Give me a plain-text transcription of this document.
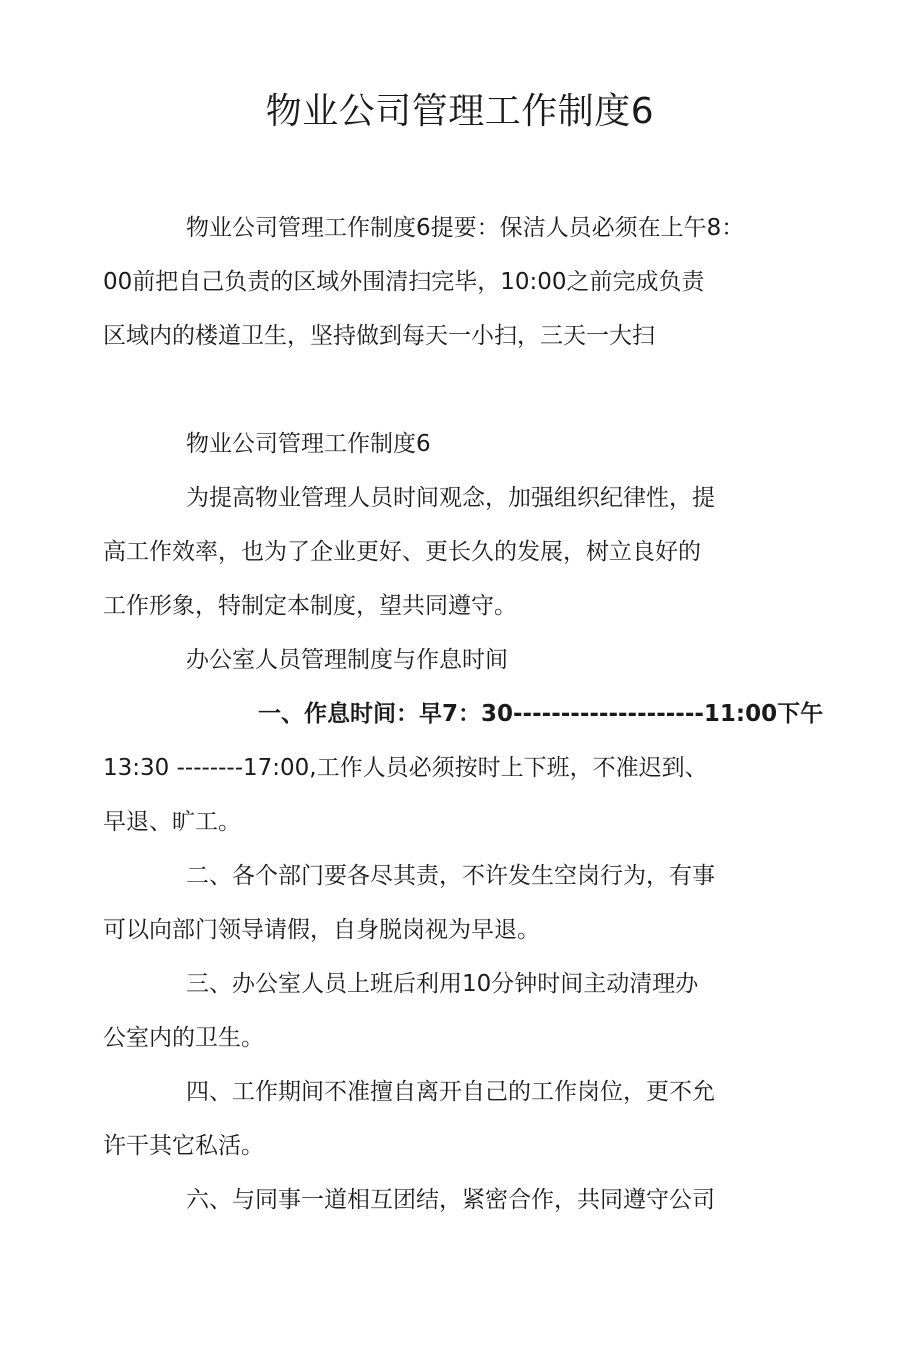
物业公司管理工作制度6

物业公司管理工作制度6提要：保洁人员必须在上午8：

00前把自己负责的区域外围清扫完毕，10:00之前完成负责

区域内的楼道卫生，坚持做到每天一小扫，三天一大扫

物业公司管理工作制度6

为提高物业管理人员时间观念，加强组织纪律性，提

高工作效率，也为了企业更好、更长久的发展，树立良好的

工作形象，特制定本制度，望共同遵守。

办公室人员管理制度与作息时间

一、作息时间：早7：30--------------------11:00下午

13:30 --------17:00,工作人员必须按时上下班，不准迟到、

早退、旷工。

二、各个部门要各尽其责，不许发生空岗行为，有事

可以向部门领导请假，自身脱岗视为早退。

三、办公室人员上班后利用10分钟时间主动清理办

公室内的卫生。

四、工作期间不准擅自离开自己的工作岗位，更不允

许干其它私活。

六、与同事一道相互团结，紧密合作，共同遵守公司
